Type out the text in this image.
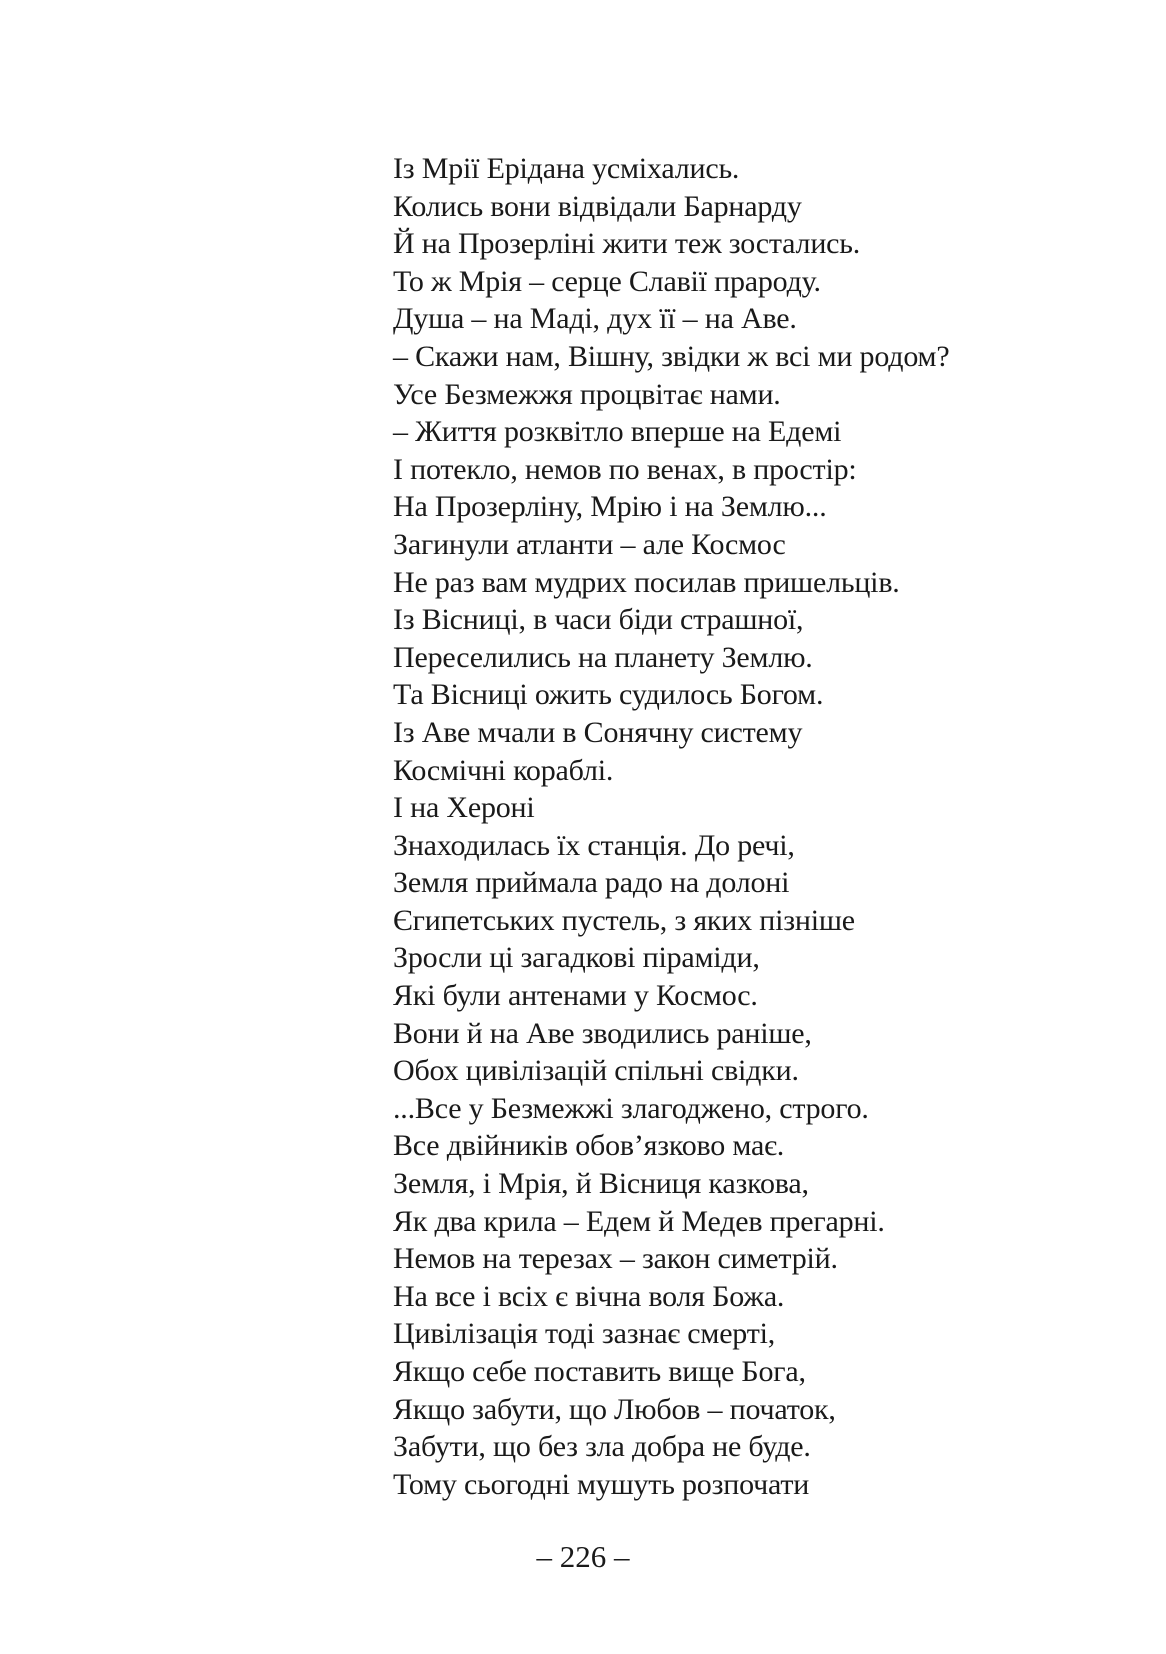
Із Мрії Ерідана усміхались.
Колись вони відвідали Барнарду
Й на Прозерліні жити теж зостались.
То ж Мрія – серце Славії прароду.
Душа – на Маді, дух її – на Аве.
– Скажи нам, Вішну, звідки ж всі ми родом?
Усе Безмежжя процвітає нами.
– Життя розквітло вперше на Едемі
І потекло, немов по венах, в простір:
На Прозерліну, Мрію і на Землю...
Загинули атланти – але Космос
Не раз вам мудрих посилав пришельців.
Із Вісниці, в часи біди страшної,
Переселились на планету Землю.
Та Вісниці ожить судилось Богом.
Із Аве мчали в Сонячну систему
Космічні кораблі.
І на Хероні
Знаходилась їх станція. До речі,
Земля приймала радо на долоні
Єгипетських пустель, з яких пізніше
Зросли ці загадкові піраміди,
Які були антенами у Космос.
Вони й на Аве зводились раніше,
Обох цивілізацій спільні свідки.
...Все у Безмежжі злагоджено, строго.
Все двійників обов’язково має.
Земля, і Мрія, й Вісниця казкова,
Як два крила – Едем й Медев прегарні.
Немов на терезах – закон симетрій.
На все і всіх є вічна воля Божа.
Цивілізація тоді зазнає смерті,
Якщо себе поставить вище Бога,
Якщо забути, що Любов – початок,
Забути, що без зла добра не буде.
Тому сьогодні мушуть розпочати
– 226 –
